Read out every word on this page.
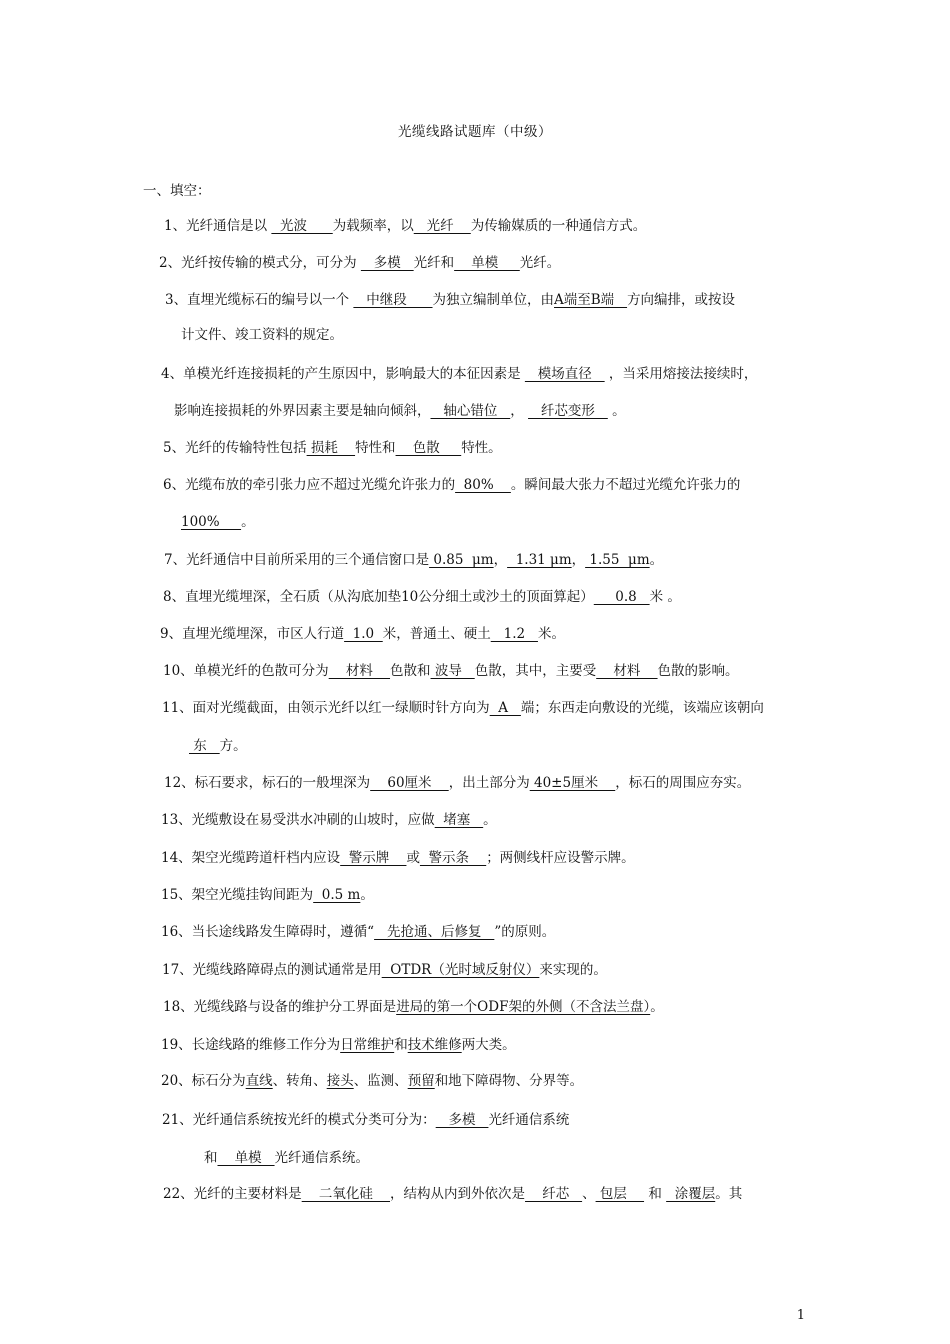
光缆线路试题库（中级）
一、填空：
1、光纤通信是以   光波      为载频率，以   光纤    为传输媒质的一种通信方式。
2、光纤按传输的模式分，可分为    多模   光纤和    单模     光纤。
3、直埋光缆标石的编号以一个    中继段      为独立编制单位，由A端至B端   方向编排，或按设
计文件、竣工资料的规定。
4、单模光纤连接损耗的产生原因中，影响最大的本征因素是    模场直径    ，当采用熔接法接续时，
影响连接损耗的外界因素主要是轴向倾斜，   轴心错位   ，    纤芯变形    。
5、光纤的传输特性包括 损耗    特性和    色散     特性。
6、光缆布放的牵引张力应不超过光缆允许张力的  80%    。瞬间最大张力不超过光缆允许张力的
100%     。
7、光纤通信中目前所采用的三个通信窗口是 0.85  μm，  1.31 μm， 1.55  μm。
8、直埋光缆埋深，全石质（从沟底加垫10公分细土或沙土的顶面算起）     0.8   米 。
9、直埋光缆埋深，市区人行道  1.0  米，普通土、硬土   1.2   米。
10、单模光纤的色散可分为    材料    色散和 波导   色散，其中，主要受    材料    色散的影响。
11、面对光缆截面，由领示光纤以红一绿顺时针方向为  A   端；东西走向敷设的光缆，该端应该朝向
东   方。
12、标石要求，标石的一般埋深为    60厘米    ，出土部分为 40±5厘米    ，标石的周围应夯实。
13、光缆敷设在易受洪水冲刷的山坡时，应做  堵塞   。
14、架空光缆跨道杆档内应设  警示牌    或  警示条    ；两侧线杆应设警示牌。
15、架空光缆挂钩间距为  0.5 m。
16、当长途线路发生障碍时，遵循“   先抢通、后修复   ”的原则。
17、光缆线路障碍点的测试通常是用  OTDR（光时域反射仪）来实现的。
18、光缆线路与设备的维护分工界面是进局的第一个ODF架的外侧（不含法兰盘）。
19、长途线路的维修工作分为日常维护和技术维修两大类。
20、标石分为直线、转角、接头、监测、预留和地下障碍物、分界等。
21、光纤通信系统按光纤的模式分类可分为：   多模   光纤通信系统
和    单模   光纤通信系统。
22、光纤的主要材料是    二氧化硅    ，结构从内到外依次是    纤芯   、 包层     和   涂覆层。其
1
